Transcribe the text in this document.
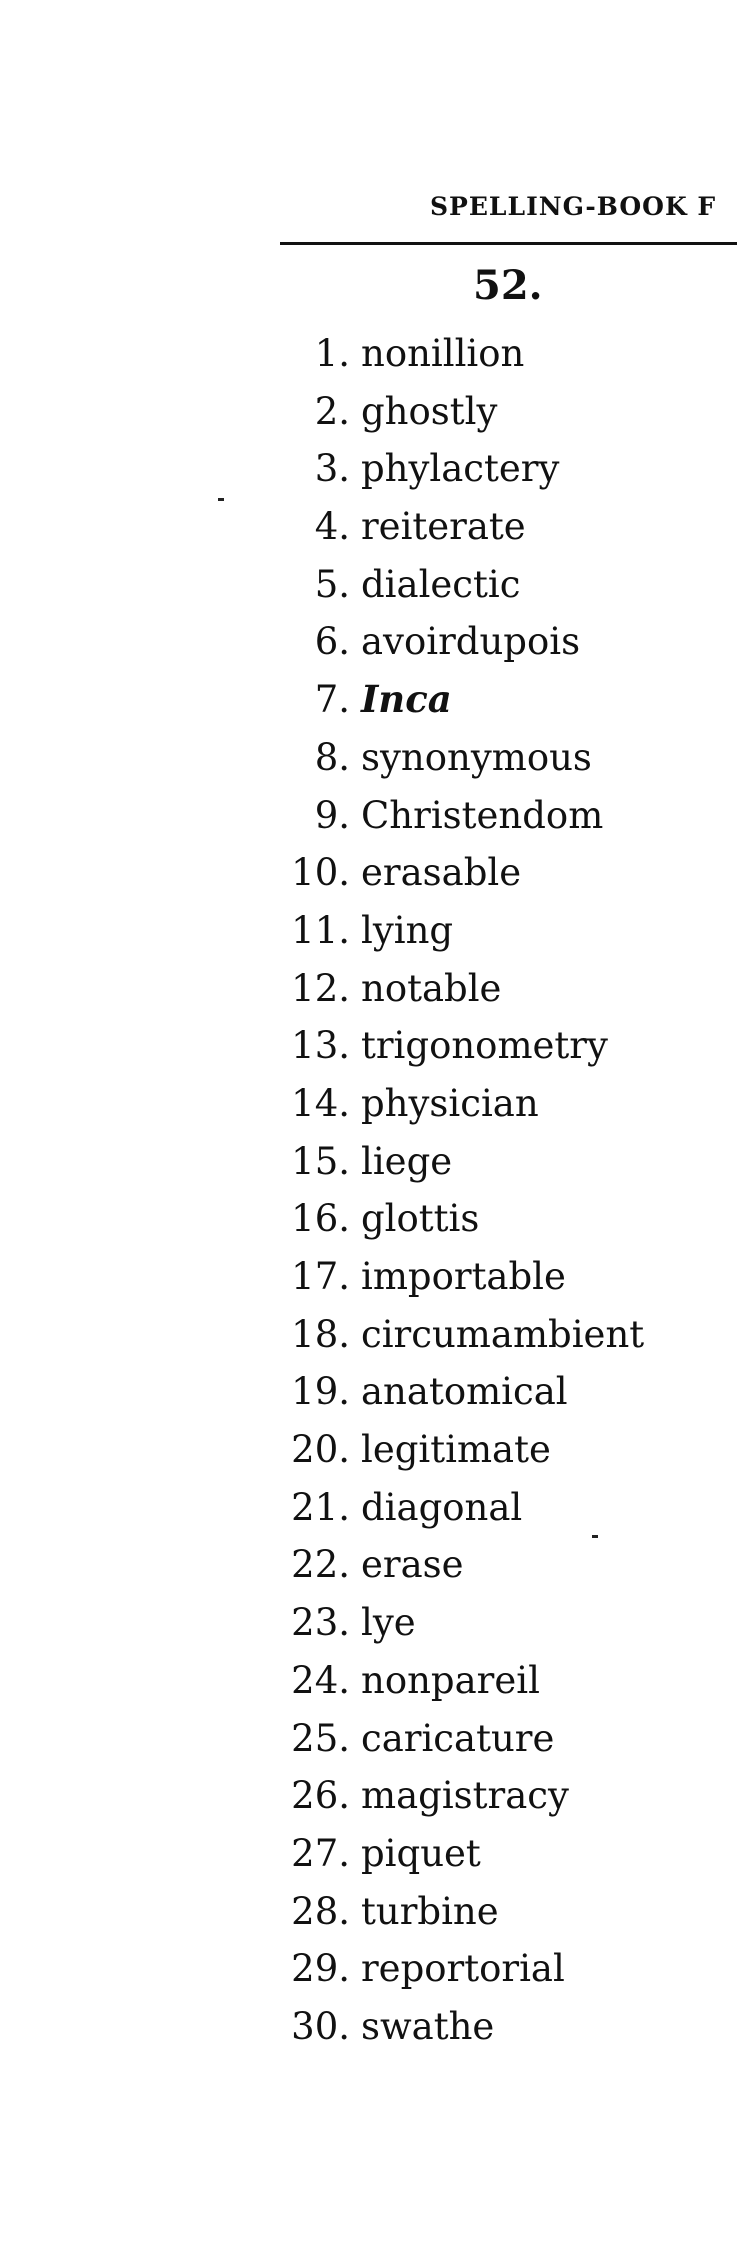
SPELLING-BOOK F
52.
1. nonillion
2. ghostly
3. phylactery
4. reiterate
5. dialectic
6. avoirdupois
7. Inca
8. synonymous
9. Christendom
10. erasable
11. lying
12. notable
13. trigonometry
14. physician
15. liege
16. glottis
17. importable
18. circumambient
19. anatomical
20. legitimate
21. diagonal
22. erase
23. lye
24. nonpareil
25. caricature
26. magistracy
27. piquet
28. turbine
29. reportorial
30. swathe
